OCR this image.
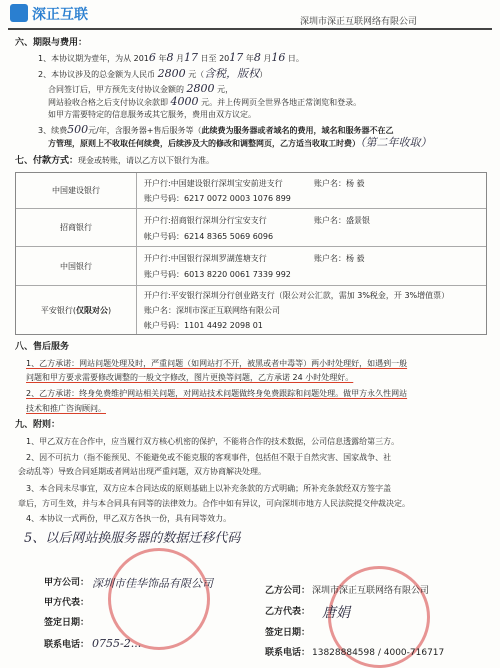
深正互联	深圳市深正互联网络有限公司
六、期限与费用：
1、本协议期为壹年，为从 2016 年8 月17 日至 2017 年8 月16 日。
2、本协议涉及的总金额为人民币 2800 元（含税，版权）
合同签订后，甲方预先支付协议金额的 2800 元，
网站验收合格之后支付协议余款即 4000 元。并上传网页全世界各地正常浏览和登录。
如甲方需要特定的信息服务或其它服务，费用由双方议定。
3、续费500元/年，含服务器+售后服务等（此续费为服务器或者域名的费用，域名和服务器不在乙
方管理，原则上不收取任何续费，后续涉及大的修改和调整网页，乙方适当收取工时费）（第二年收取）
七、付款方式：现金或转账，请以乙方以下银行为准。
中国建设银行
开户行:中国建设银行深圳宝安前进支行	账户名：杨 毅
账户号码：6217 0072 0003 1076 899
招商银行
开户行:招商银行深圳分行宝安支行	账户名：盛景银
帐户号码：6214 8365 5069 6096
中国银行
开户行:中国银行深圳罗湖莲塘支行	账户名：杨 毅
账户号码：6013 8220 0061 7339 992
平安银行( 仅限对公 )
开户行:平安银行深圳分行创业路支行（限公对公汇款，需加 3%税金，开 3%增值票）
账户名：深圳市深正互联网络有限公司
帐户号码：1101 4492 2098 01
八、售后服务
1、乙方承诺：网站问题处理及时，严重问题（如网站打不开，被黑或者中毒等）两小时处理好，如遇到一般
问题和甲方要求需要修改调整的一般文字修改，图片更换等问题，乙方承诺 24 小时处理好。
2、乙方承诺：终身免费维护网站相关问题，对网站技术问题做终身免费跟踪和问题处理。做甲方永久性网站
技术和推广咨询顾问。
九、附则：
1、甲乙双方在合作中，应当履行双方核心机密的保护，不能将合作的技术数据，公司信息透露给第三方。
2、因不可抗力（指不能预见、不能避免或不能克服的客观事件，包括但不限于自然灾害、国家战争、社
会动乱等）导致合同延期或者网站出现严重问题，双方协商解决处理。
3、本合同未尽事宜，双方应本合同达成的原则基础上以补充条款的方式明确；所补充条款经双方签字盖
章后，方可生效，并与本合同具有同等的法律效力。合作中如有异议，可向深圳市地方人民法院提交仲裁决定。
4、本协议一式两份，甲乙双方各执一份，具有同等效力。
5、以后网站换服务器的数据迁移代码
甲方公司： 深圳市佳华饰品有限公司
甲方代表：
签定日期：
联系电话： 0755-2...
乙方公司： 深圳市深正互联网络有限公司
乙方代表： 唐娟
签定日期：
联系电话： 13828884598 / 4000-716717
